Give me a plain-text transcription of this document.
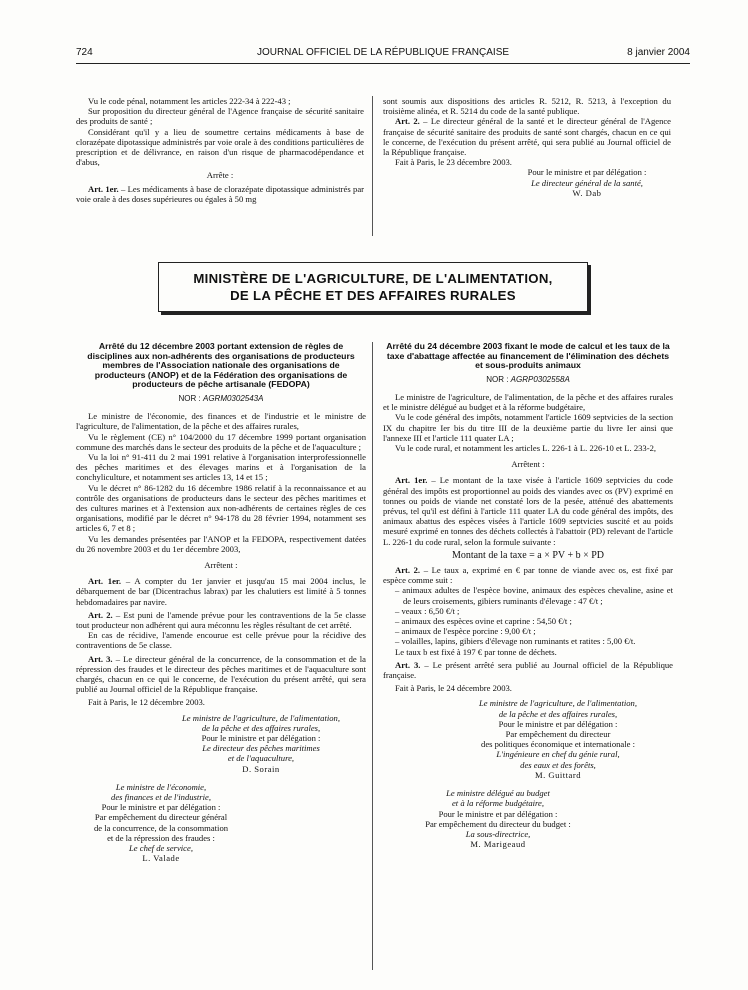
724	JOURNAL OFFICIEL DE LA RÉPUBLIQUE FRANÇAISE	8 janvier 2004

Vu le code pénal, notamment les articles 222-34 à 222-43 ;

Sur proposition du directeur général de l'Agence française de sécurité sanitaire des produits de santé ;

Considérant qu'il y a lieu de soumettre certains médicaments à base de clorazépate dipotassique administrés par voie orale à des conditions particulières de prescription et de délivrance, en raison d'un risque de pharmacodépendance et d'abus,

Arrête :

Art. 1er. – Les médicaments à base de clorazépate dipotassique administrés par voie orale à des doses supérieures ou égales à 50 mg

sont soumis aux dispositions des articles R. 5212, R. 5213, à l'exception du troisième alinéa, et R. 5214 du code de la santé publique.

Art. 2. – Le directeur général de la santé et le directeur général de l'Agence française de sécurité sanitaire des produits de santé sont chargés, chacun en ce qui le concerne, de l'exécution du présent arrêté, qui sera publié au Journal officiel de la République française.

Fait à Paris, le 23 décembre 2003.

Pour le ministre et par délégation :

Le directeur général de la santé,

W. Dab

MINISTÈRE DE L'AGRICULTURE, DE L'ALIMENTATION,
DE LA PÊCHE ET DES AFFAIRES RURALES
Arrêté du 12 décembre 2003 portant extension de règles de disciplines aux non-adhérents des organisations de producteurs membres de l'Association nationale des organisations de producteurs (ANOP) et de la Fédération des organisations de producteurs de pêche artisanale (FEDOPA)
NOR : AGRM0302543A

Le ministre de l'économie, des finances et de l'industrie et le ministre de l'agriculture, de l'alimentation, de la pêche et des affaires rurales,

Vu le règlement (CE) n° 104/2000 du 17 décembre 1999 portant organisation commune des marchés dans le secteur des produits de la pêche et de l'aquaculture ;

Vu la loi n° 91-411 du 2 mai 1991 relative à l'organisation interprofessionnelle des pêches maritimes et des élevages marins et à l'organisation de la conchyliculture, et notamment ses articles 13, 14 et 15 ;

Vu le décret n° 86-1282 du 16 décembre 1986 relatif à la reconnaissance et au contrôle des organisations de producteurs dans le secteur des pêches maritimes et des cultures marines et à l'extension aux non-adhérents de certaines règles de ces organisations, modifié par le décret n° 94-178 du 28 février 1994, notamment ses articles 6, 7 et 8 ;

Vu les demandes présentées par l'ANOP et la FEDOPA, respectivement datées du 26 novembre 2003 et du 1er décembre 2003,

Arrêtent :

Art. 1er. – A compter du 1er janvier et jusqu'au 15 mai 2004 inclus, le débarquement de bar (Dicentrachus labrax) par les chalutiers est limité à 5 tonnes hebdomadaires par navire.

Art. 2. – Est puni de l'amende prévue pour les contraventions de la 5e classe tout producteur non adhérent qui aura méconnu les règles résultant de cet arrêté.

En cas de récidive, l'amende encourue est celle prévue pour la récidive des contraventions de 5e classe.

Art. 3. – Le directeur général de la concurrence, de la consommation et de la répression des fraudes et le directeur des pêches maritimes et de l'aquaculture sont chargés, chacun en ce qui le concerne, de l'exécution du présent arrêté, qui sera publié au Journal officiel de la République française.

Fait à Paris, le 12 décembre 2003.

Le ministre de l'agriculture, de l'alimentation,

de la pêche et des affaires rurales,

Pour le ministre et par délégation :

Le directeur des pêches maritimes

et de l'aquaculture,

D. Sorain

Le ministre de l'économie,

des finances et de l'industrie,

Pour le ministre et par délégation :

Par empêchement du directeur général

de la concurrence, de la consommation

et de la répression des fraudes :

Le chef de service,

L. Valade

Arrêté du 24 décembre 2003 fixant le mode de calcul et les taux de la taxe d'abattage affectée au financement de l'élimination des déchets et sous-produits animaux
NOR : AGRP0302558A

Le ministre de l'agriculture, de l'alimentation, de la pêche et des affaires rurales et le ministre délégué au budget et à la réforme budgétaire,

Vu le code général des impôts, notamment l'article 1609 septvicies de la section IX du chapitre Ier bis du titre III de la deuxième partie du livre Ier ainsi que l'annexe III et l'article 111 quater LA ;

Vu le code rural, et notamment les articles L. 226-1 à L. 226-10 et L. 233-2,

Arrêtent :

Art. 1er. – Le montant de la taxe visée à l'article 1609 septvicies du code général des impôts est proportionnel au poids des viandes avec os (PV) exprimé en tonnes ou poids de viande net constaté lors de la pesée, atténué des abattements prévus, tel qu'il est défini à l'article 111 quater LA du code général des impôts, des animaux abattus des espèces visées à l'article 1609 septvicies suscité et au poids mesuré exprimé en tonnes des déchets collectés à l'abattoir (PD) relevant de l'article L. 226-1 du code rural, selon la formule suivante :

Montant de la taxe = a × PV + b × PD

Art. 2. – Le taux a, exprimé en € par tonne de viande avec os, est fixé par espèce comme suit :

– animaux adultes de l'espèce bovine, animaux des espèces chevaline, asine et de leurs croisements, gibiers ruminants d'élevage : 47 €/t ;

– veaux : 6,50 €/t ;

– animaux des espèces ovine et caprine : 54,50 €/t ;

– animaux de l'espèce porcine : 9,00 €/t ;

– volailles, lapins, gibiers d'élevage non ruminants et ratites : 5,00 €/t.

Le taux b est fixé à 197 € par tonne de déchets.

Art. 3. – Le présent arrêté sera publié au Journal officiel de la République française.

Fait à Paris, le 24 décembre 2003.

Le ministre de l'agriculture, de l'alimentation,

de la pêche et des affaires rurales,

Pour le ministre et par délégation :

Par empêchement du directeur

des politiques économique et internationale :

L'ingénieure en chef du génie rural,

des eaux et des forêts,

M. Guittard

Le ministre délégué au budget

et à la réforme budgétaire,

Pour le ministre et par délégation :

Par empêchement du directeur du budget :

La sous-directrice,

M. Marigeaud
